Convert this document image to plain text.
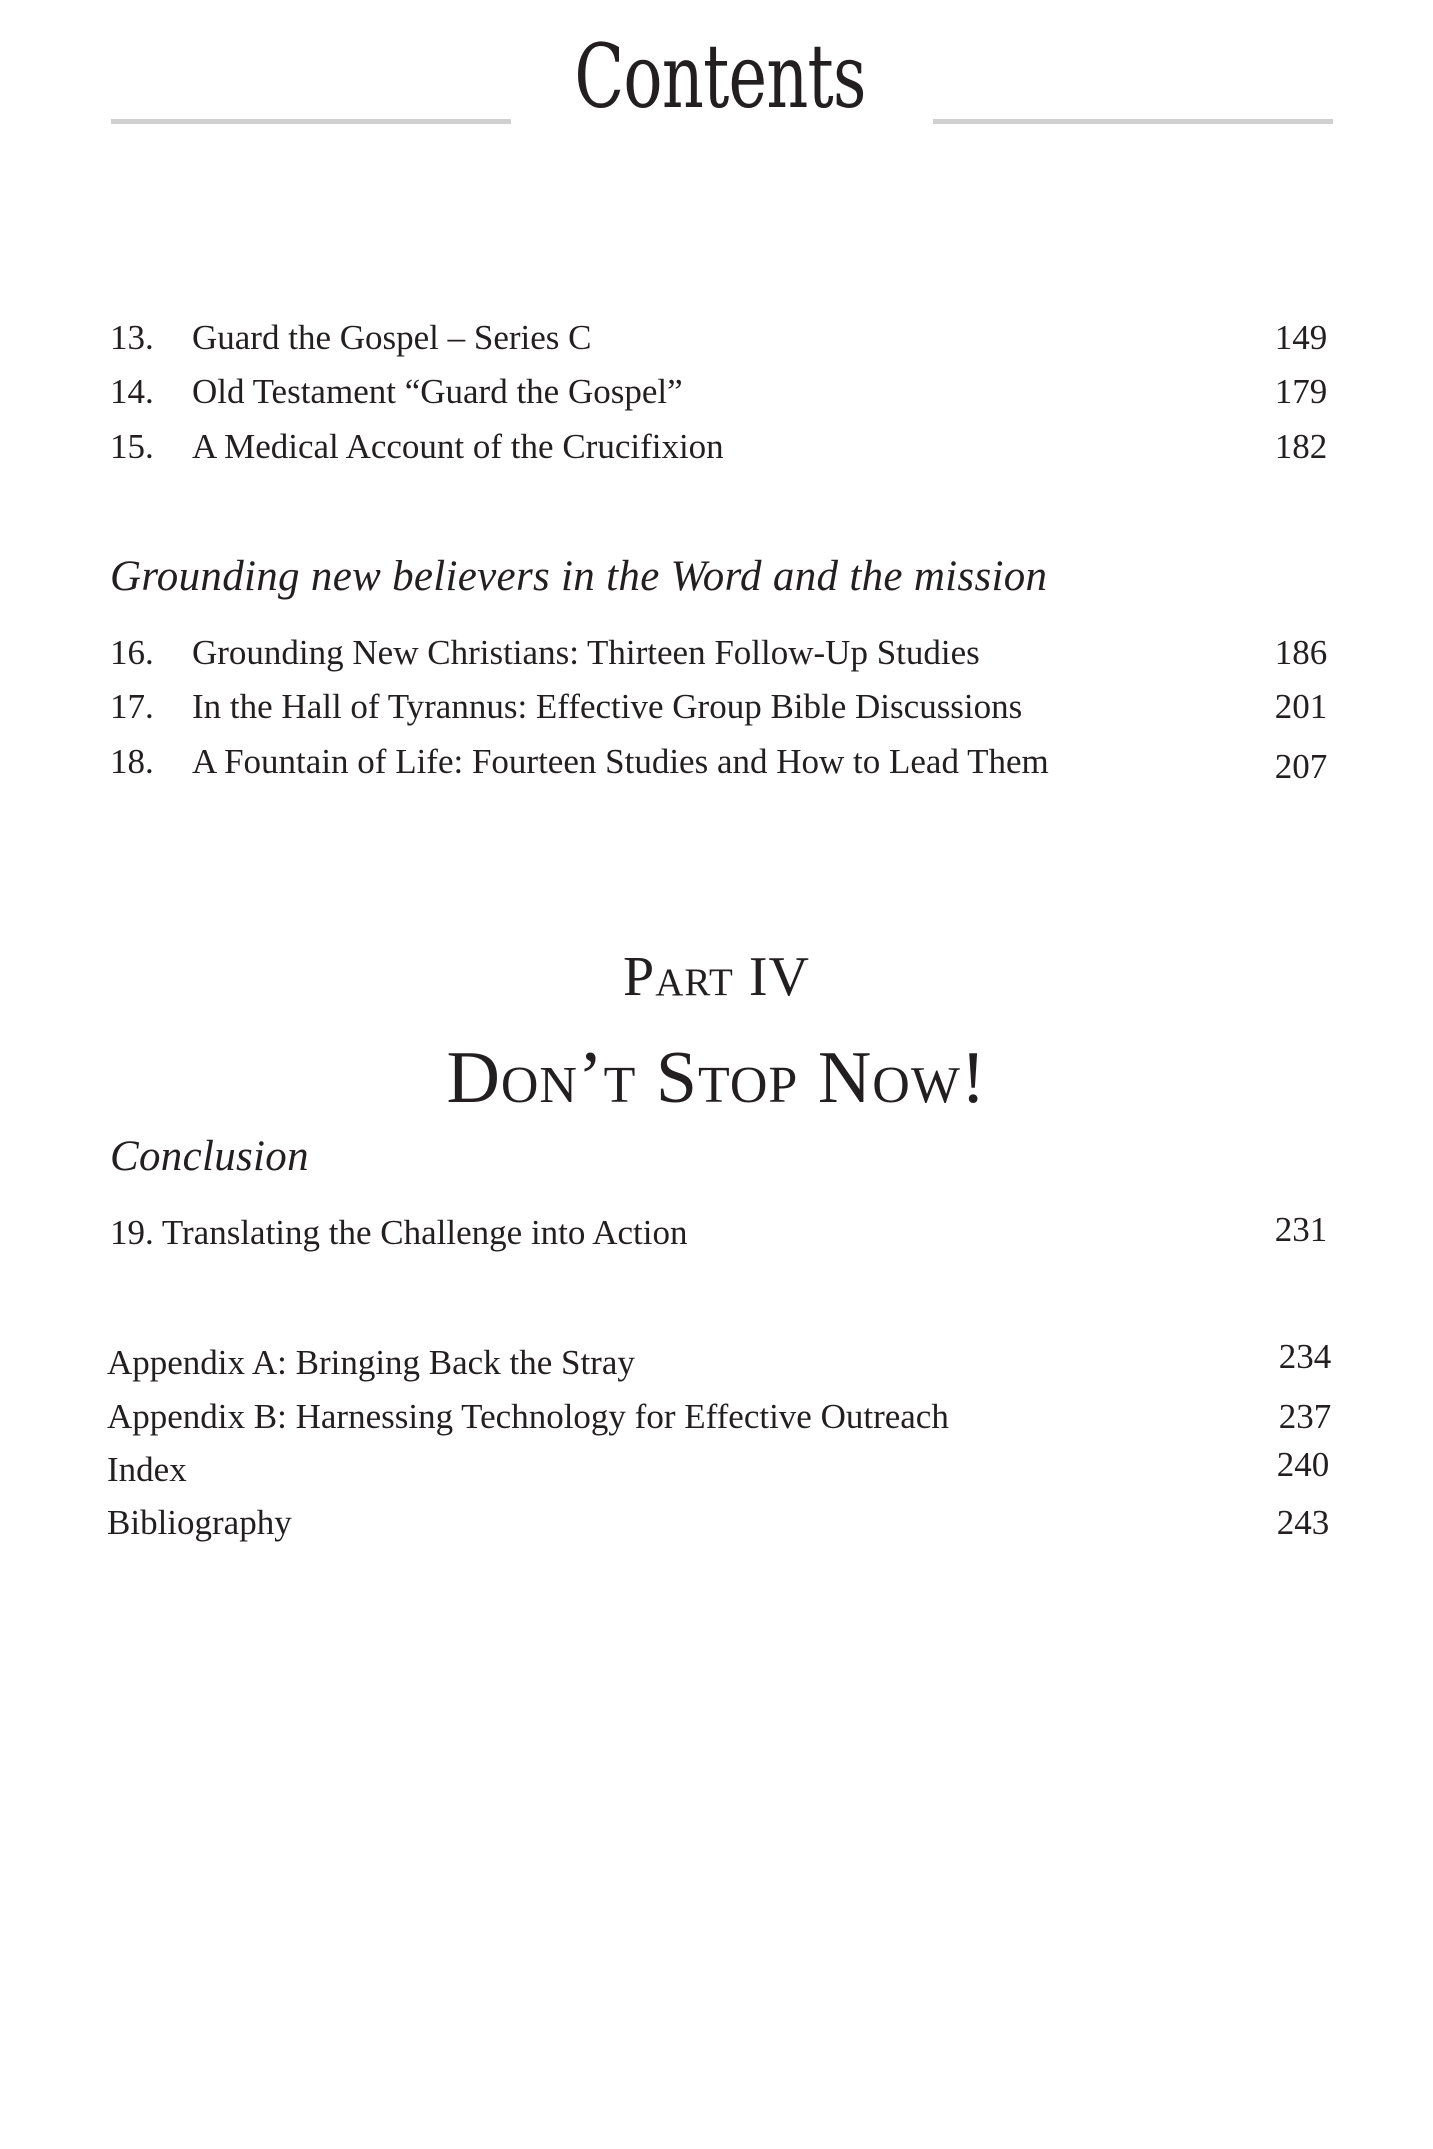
Contents
13. Guard the Gospel – Series C	149
14. Old Testament “Guard the Gospel”	179
15. A Medical Account of the Crucifixion	182
Grounding new believers in the Word and the mission
16. Grounding New Christians: Thirteen Follow-Up Studies	186
17. In the Hall of Tyrannus: Effective Group Bible Discussions	201
18. A Fountain of Life: Fourteen Studies and How to Lead Them	207
Part IV
Don’t Stop Now!
Conclusion
19. Translating the Challenge into Action	231
Appendix A: Bringing Back the Stray	234
Appendix B: Harnessing Technology for Effective Outreach	237
Index	240
Bibliography	243
